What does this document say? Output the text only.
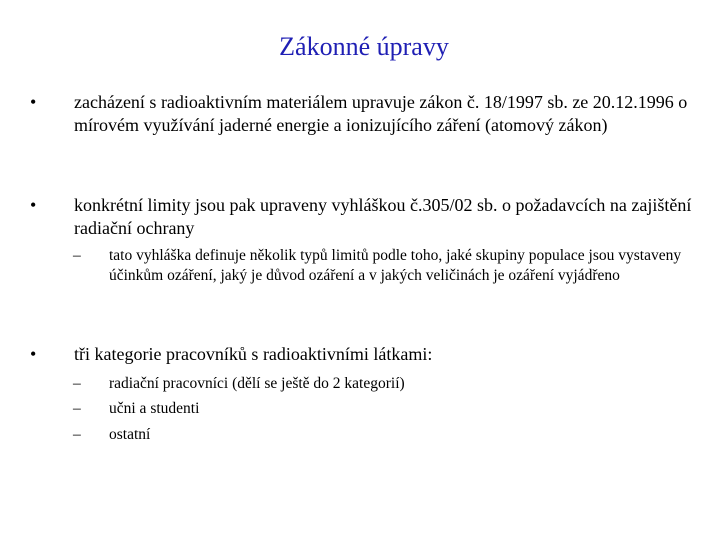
Zákonné úpravy
•	zacházení s radioaktivním materiálem upravuje zákon č. 18/1997 sb. ze 20.12.1996 o mírovém využívání jaderné energie a ionizujícího záření (atomový zákon)
•	konkrétní limity jsou pak upraveny vyhláškou č.305/02 sb. o požadavcích na zajištění radiační ochrany
–	tato vyhláška definuje několik typů limitů podle toho, jaké skupiny populace jsou vystaveny účinkům ozáření, jaký je důvod ozáření a v jakých veličinách je ozáření vyjádřeno
•	tři kategorie pracovníků s radioaktivními látkami:
–	radiační pracovníci (dělí se ještě do 2 kategorií)
–	učni a studenti
–	ostatní
